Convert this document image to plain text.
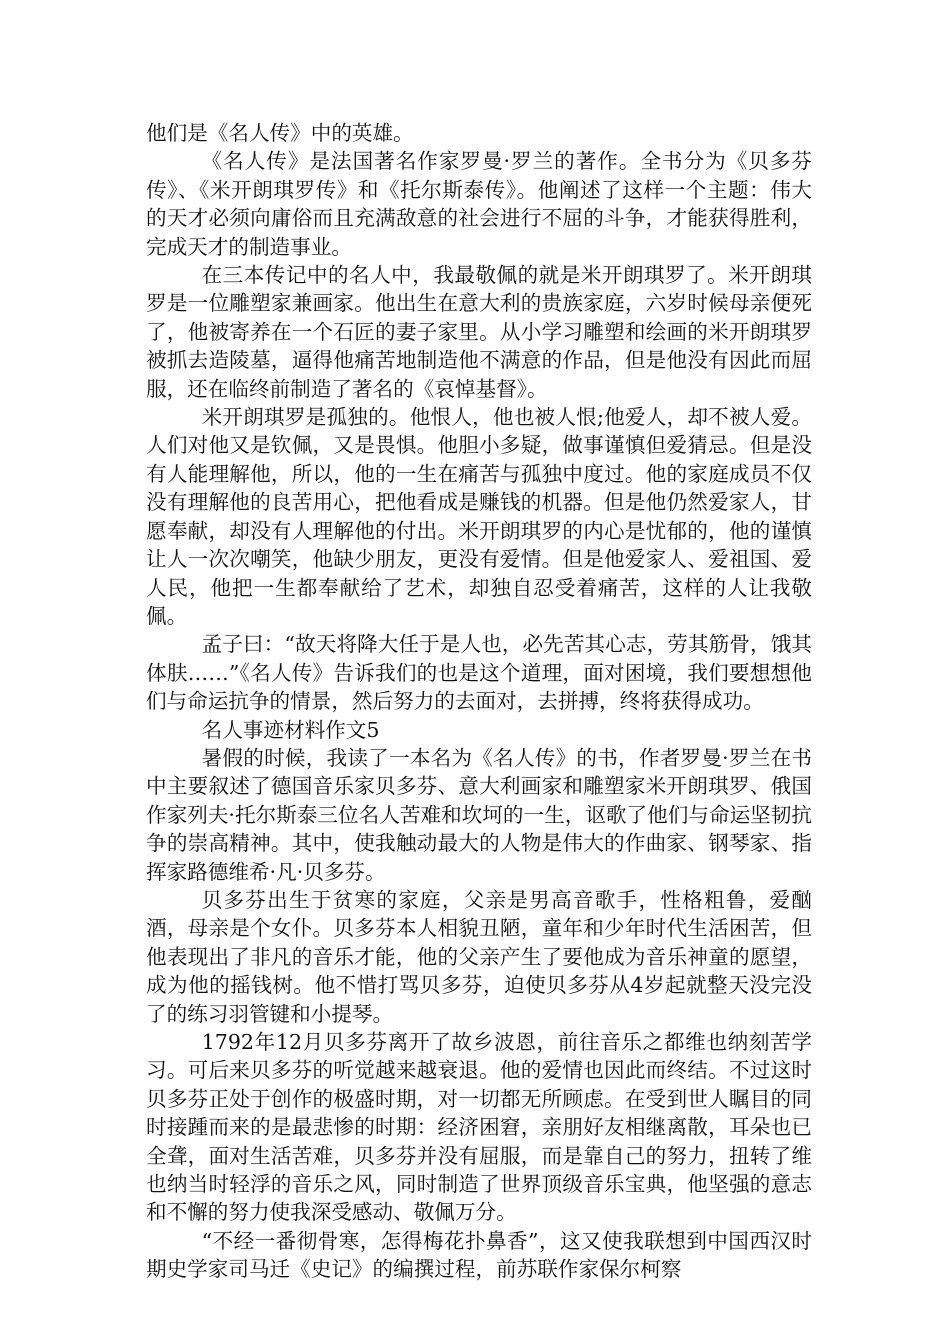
他们是《名人传》中的英雄。

《名人传》是法国著名作家罗曼·罗兰的著作。全书分为《贝多芬传》、《米开朗琪罗传》和《托尔斯泰传》。他阐述了这样一个主题：伟大的天才必须向庸俗而且充满敌意的社会进行不屈的斗争，才能获得胜利，完成天才的制造事业。

在三本传记中的名人中，我最敬佩的就是米开朗琪罗了。米开朗琪罗是一位雕塑家兼画家。他出生在意大利的贵族家庭，六岁时候母亲便死了，他被寄养在一个石匠的妻子家里。从小学习雕塑和绘画的米开朗琪罗被抓去造陵墓，逼得他痛苦地制造他不满意的作品，但是他没有因此而屈服，还在临终前制造了著名的《哀悼基督》。

米开朗琪罗是孤独的。他恨人，他也被人恨;他爱人，却不被人爱。人们对他又是钦佩，又是畏惧。他胆小多疑，做事谨慎但爱猜忌。但是没有人能理解他，所以，他的一生在痛苦与孤独中度过。他的家庭成员不仅没有理解他的良苦用心，把他看成是赚钱的机器。但是他仍然爱家人，甘愿奉献，却没有人理解他的付出。米开朗琪罗的内心是忧郁的，他的谨慎让人一次次嘲笑，他缺少朋友，更没有爱情。但是他爱家人、爱祖国、爱人民，他把一生都奉献给了艺术，却独自忍受着痛苦，这样的人让我敬佩。

孟子曰：“故天将降大任于是人也，必先苦其心志，劳其筋骨，饿其体肤……”《名人传》告诉我们的也是这个道理，面对困境，我们要想想他们与命运抗争的情景，然后努力的去面对，去拼搏，终将获得成功。

名人事迹材料作文5

暑假的时候，我读了一本名为《名人传》的书，作者罗曼·罗兰在书中主要叙述了德国音乐家贝多芬、意大利画家和雕塑家米开朗琪罗、俄国作家列夫·托尔斯泰三位名人苦难和坎坷的一生，讴歌了他们与命运坚韧抗争的崇高精神。其中，使我触动最大的人物是伟大的作曲家、钢琴家、指挥家路德维希·凡·贝多芬。

贝多芬出生于贫寒的家庭，父亲是男高音歌手，性格粗鲁，爱酗酒，母亲是个女仆。贝多芬本人相貌丑陋，童年和少年时代生活困苦，但他表现出了非凡的音乐才能，他的父亲产生了要他成为音乐神童的愿望，成为他的摇钱树。他不惜打骂贝多芬，迫使贝多芬从4岁起就整天没完没了的练习羽管键和小提琴。

1792年12月贝多芬离开了故乡波恩，前往音乐之都维也纳刻苦学习。可后来贝多芬的听觉越来越衰退。他的爱情也因此而终结。不过这时贝多芬正处于创作的极盛时期，对一切都无所顾虑。在受到世人瞩目的同时接踵而来的是最悲惨的时期：经济困窘，亲朋好友相继离散，耳朵也已全聋，面对生活苦难，贝多芬并没有屈服，而是靠自己的努力，扭转了维也纳当时轻浮的音乐之风，同时制造了世界顶级音乐宝典，他坚强的意志和不懈的努力使我深受感动、敬佩万分。

“不经一番彻骨寒，怎得梅花扑鼻香”，这又使我联想到中国西汉时期史学家司马迁《史记》的编撰过程，前苏联作家保尔柯察
